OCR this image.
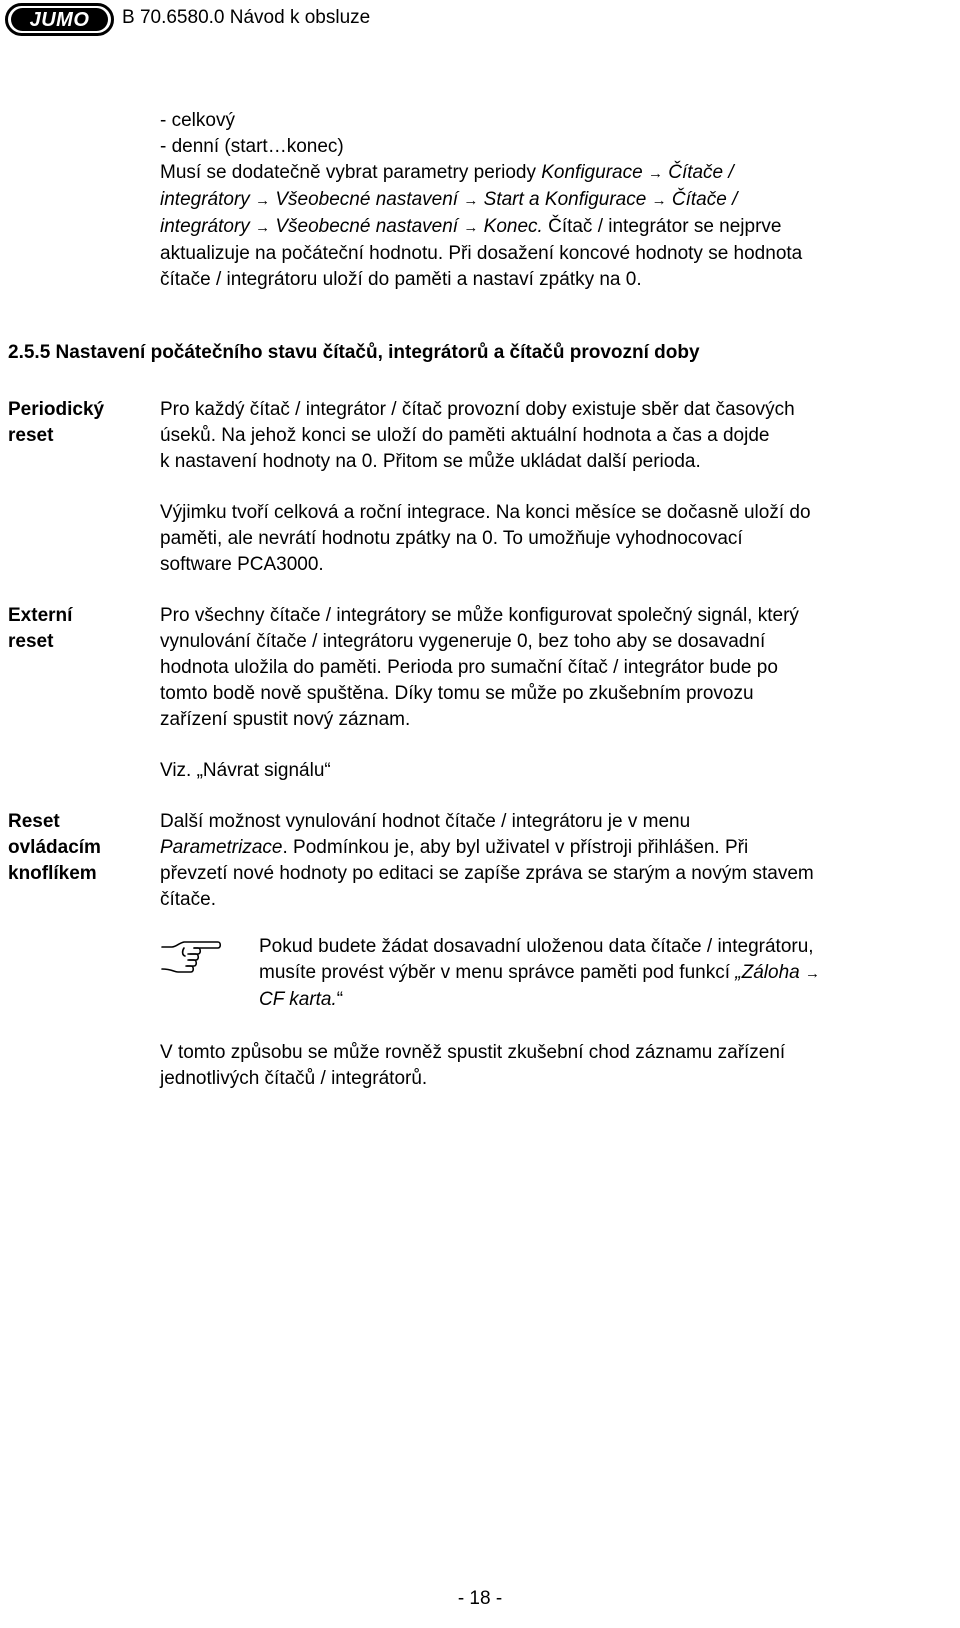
JUMO	B 70.6580.0 Návod k obsluze
- celkový
- denní (start…konec)
Musí se dodatečně vybrat parametry periody Konfigurace → Čítače /
integrátory → Všeobecné nastavení → Start a Konfigurace → Čítače /
integrátory → Všeobecné nastavení → Konec. Čítač / integrátor se nejprve
aktualizuje na počáteční hodnotu. Při dosažení koncové hodnoty se hodnota
čítače / integrátoru uloží do paměti a nastaví zpátky na 0.
2.5.5 Nastavení počátečního stavu čítačů, integrátorů a čítačů provozní doby
Periodický
reset
Pro každý čítač / integrátor / čítač provozní doby existuje sběr dat časových
úseků. Na jehož konci se uloží do paměti aktuální hodnota a čas a dojde
k nastavení hodnoty na 0. Přitom se může ukládat další perioda.
Výjimku tvoří celková a roční integrace. Na konci měsíce se dočasně uloží do
paměti, ale nevrátí hodnotu zpátky na 0. To umožňuje vyhodnocovací
software PCA3000.
Externí
reset
Pro všechny čítače / integrátory se může konfigurovat společný signál, který
vynulování čítače / integrátoru vygeneruje 0, bez toho aby se dosavadní
hodnota uložila do paměti. Perioda pro sumační čítač / integrátor bude po
tomto bodě nově spuštěna. Díky tomu se může po zkušebním provozu
zařízení spustit nový záznam.
Viz. „Návrat signálu“
Reset
ovládacím
knoflíkem
Další možnost vynulování hodnot čítače / integrátoru je v menu
Parametrizace. Podmínkou je, aby byl uživatel v přístroji přihlášen. Při
převzetí nové hodnoty po editaci se zapíše zpráva se starým a novým stavem
čítače.
Pokud budete žádat dosavadní uloženou data čítače / integrátoru,
musíte provést výběr v menu správce paměti pod funkcí „Záloha →
CF karta.“
V tomto způsobu se může rovněž spustit zkušební chod záznamu zařízení
jednotlivých čítačů / integrátorů.
- 18 -
